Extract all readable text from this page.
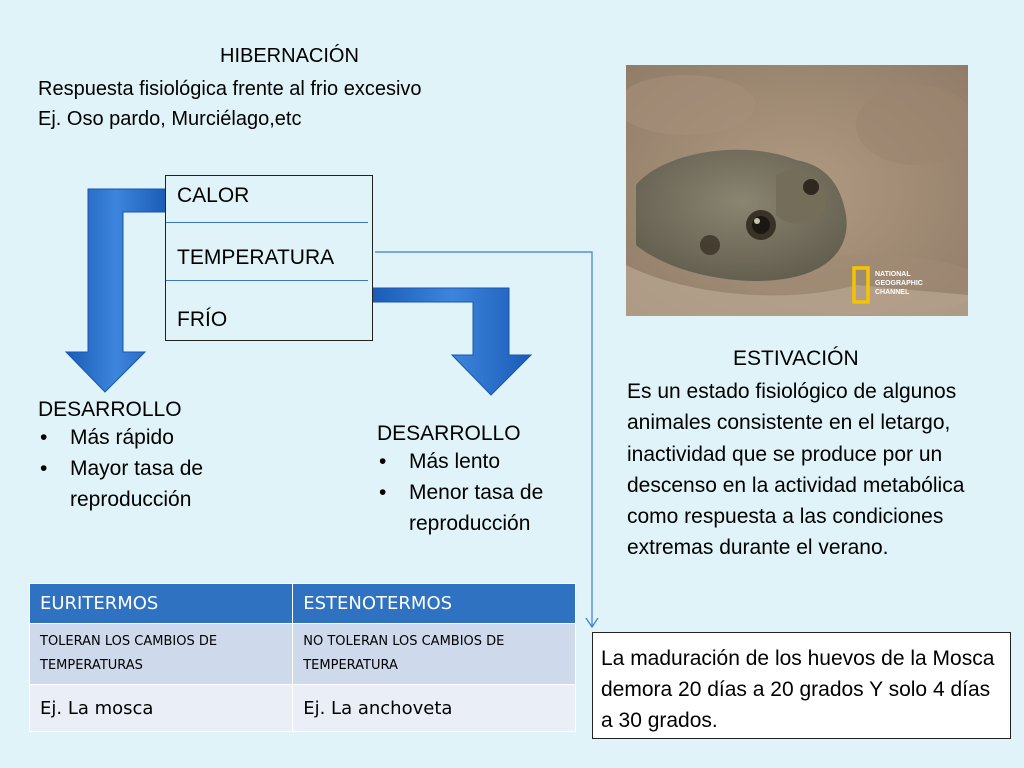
HIBERNACIÓN
Respuesta fisiológica frente al frio excesivo
Ej. Oso pardo, Murciélago,etc
CALOR
TEMPERATURA
FRÍO
NATIONAL
GEOGRAPHIC
CHANNEL
ESTIVACIÓN
Es un estado fisiológico de algunos animales consistente en el letargo, inactividad que se produce por un descenso en la actividad metabólica como respuesta a las condiciones extremas durante el verano.
DESARROLLO
• Más rápido
• Mayor tasa de reproducción
DESARROLLO
• Más lento
• Menor tasa de reproducción
EURITERMOS	ESTENOTERMOS
TOLERAN LOS CAMBIOS DE TEMPERATURAS	NO TOLERAN LOS CAMBIOS DE TEMPERATURA
Ej. La mosca	Ej. La anchoveta
La maduración de los huevos de la Mosca demora 20 días a 20 grados Y solo 4 días a 30 grados.
